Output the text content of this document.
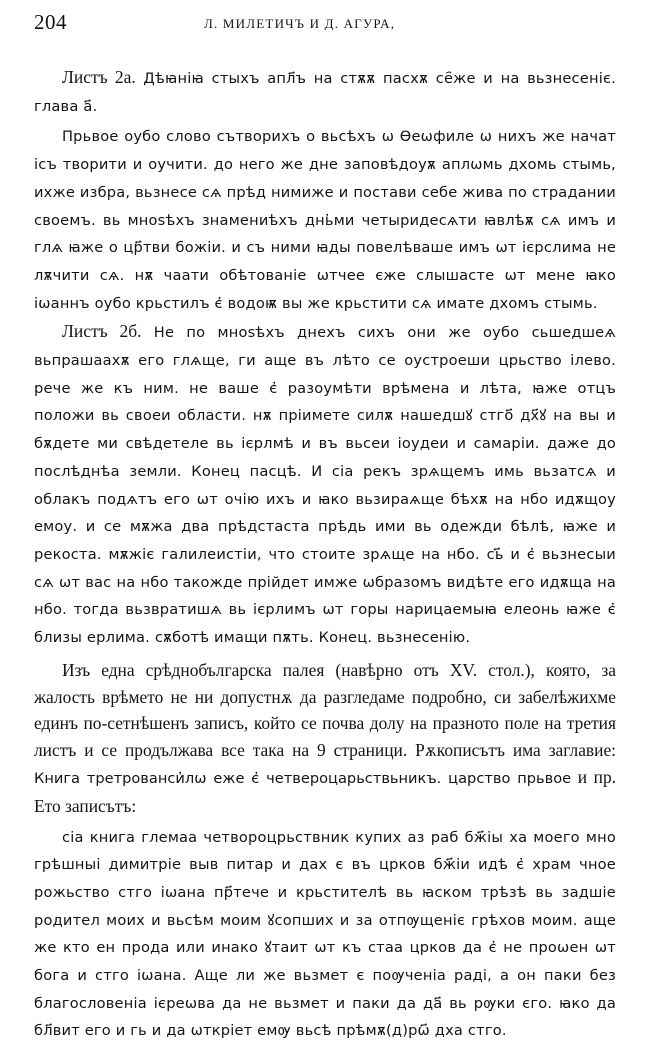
204	Л. МИЛЕТИЧЪ И Д. АГУРА,

Листъ 2а. Дѣꙗніꙗ стыхъ апл҃ъ на стѫѫ пасхѫ се҄же и на вьзнесеніє. глава а҃.

Прьвое оубо слово сътворихъ о вьсѣхъ ѡ Ѳеѡфиле ѡ нихъ же начат ісъ творити и оучити. до него же дне заповѣдоуѫ аплѡмь дхомь стымь, ихже избра, вьзнесе сѧ прѣд нимиже и постави себе жива по страдании своемъ. вь мноѕѣхъ знамениѣхъ днь҆ми четыридесѧти ꙗвлѣѫ сѧ имъ и глѧ ꙗже о цр҃тви божіи. и съ ними ꙗды повелѣваше имъ ѡт ієрслима не лѫчити сѧ. нѫ чаати обѣтованіе ѡтчее єже слышасте ѡт мене ꙗко іѡаннъ оубо крьстилъ є҆ водоѭ вы же крьстити сѧ имате дхомъ стымь.

Листъ 2б. Не по мноѕѣхъ днехъ сихъ они же оубо сьшедшеѧ вьпрашаахѫ его глѧще, ги аще въ лѣто се оустроеши црьство ілево. рече же къ ним. не ваше є҆ разоумѣти врѣмена и лѣта, ꙗже отцъ положи вь своеи области. нѫ пріимете силѫ нашедшꙋ стго҃ дх҃ꙋ на вы и бѫдете ми свѣдетеле вь ієрлмѣ и въ вьсеи іоудеи и самаріи. даже до послѣднѣа земли. Конец пасцѣ. И сіа рекъ зрѧщемъ имь вьзатсѧ и облакъ подѧтъ его ѡт очію ихъ и ꙗко вьзираѧще бѣхѫ на нбо идѫщоу емоу. и се мѫжа два прѣдстаста прѣдь ими вь одежди бѣлѣ, ꙗже и рекоста. мѫжіє галилеистіи, что стоите зрѧще на нбо. сь҃ и є҆ вьзнесыи сѧ ѡт вас на нбо такожде прійдет имже ѡбразомъ видѣте его идѫщa на нбо. тогда вьзвратишѧ вь ієрлимъ ѡт горы нарицаемыꙗ елеонь ꙗже є҆ близы ерлима. сѫботѣ имащи пѫть. Конец. вьзнесенію.

Изъ една срѣднобългарска палея (навѣрно отъ XV. стол.), която, за жалость врѣмето не ни допустнѫ да разгледаме подробно, си забелѣжихме единъ по-сетнѣшенъ записъ, който се почва долу на празното поле на третия листъ и се продължава все така на 9 страници. Рѫкописътъ има заглавие: Книга третрованси҆лѡ еже є҆ четвероцарьствьникъ. царство прьвое и пр. Ето записътъ:

сіа книга глемаа четвороцрьствник купих аз раб бж҃іы ха моего мно грѣшныі димитріе выв питар и дах є въ црков бж҃іи идѣ є҆ храм чное рожьство стго іѡана пр҃тече и крьстителѣ вь ꙗском трѣзѣ вь задшіе родител моих и вьсѣм моим ꙋсопших и за отпѹщеніє грѣхов моим. аще же кто ен прода или инако ꙋтаит ѡт къ стаа црков да є҆ не проѡен ѡт бога и стго іѡана. Аще ли же вьзмет є поѹченіа раді, а он паки без благословеніа ієреѡва да не вьзмет и паки да да҃ вь рѹки єго. ꙗко да бл҃вит его и гь и да ѡткріет емѹ вьсѣ прѣмѫ(д)рѡ҃ дха стго.
